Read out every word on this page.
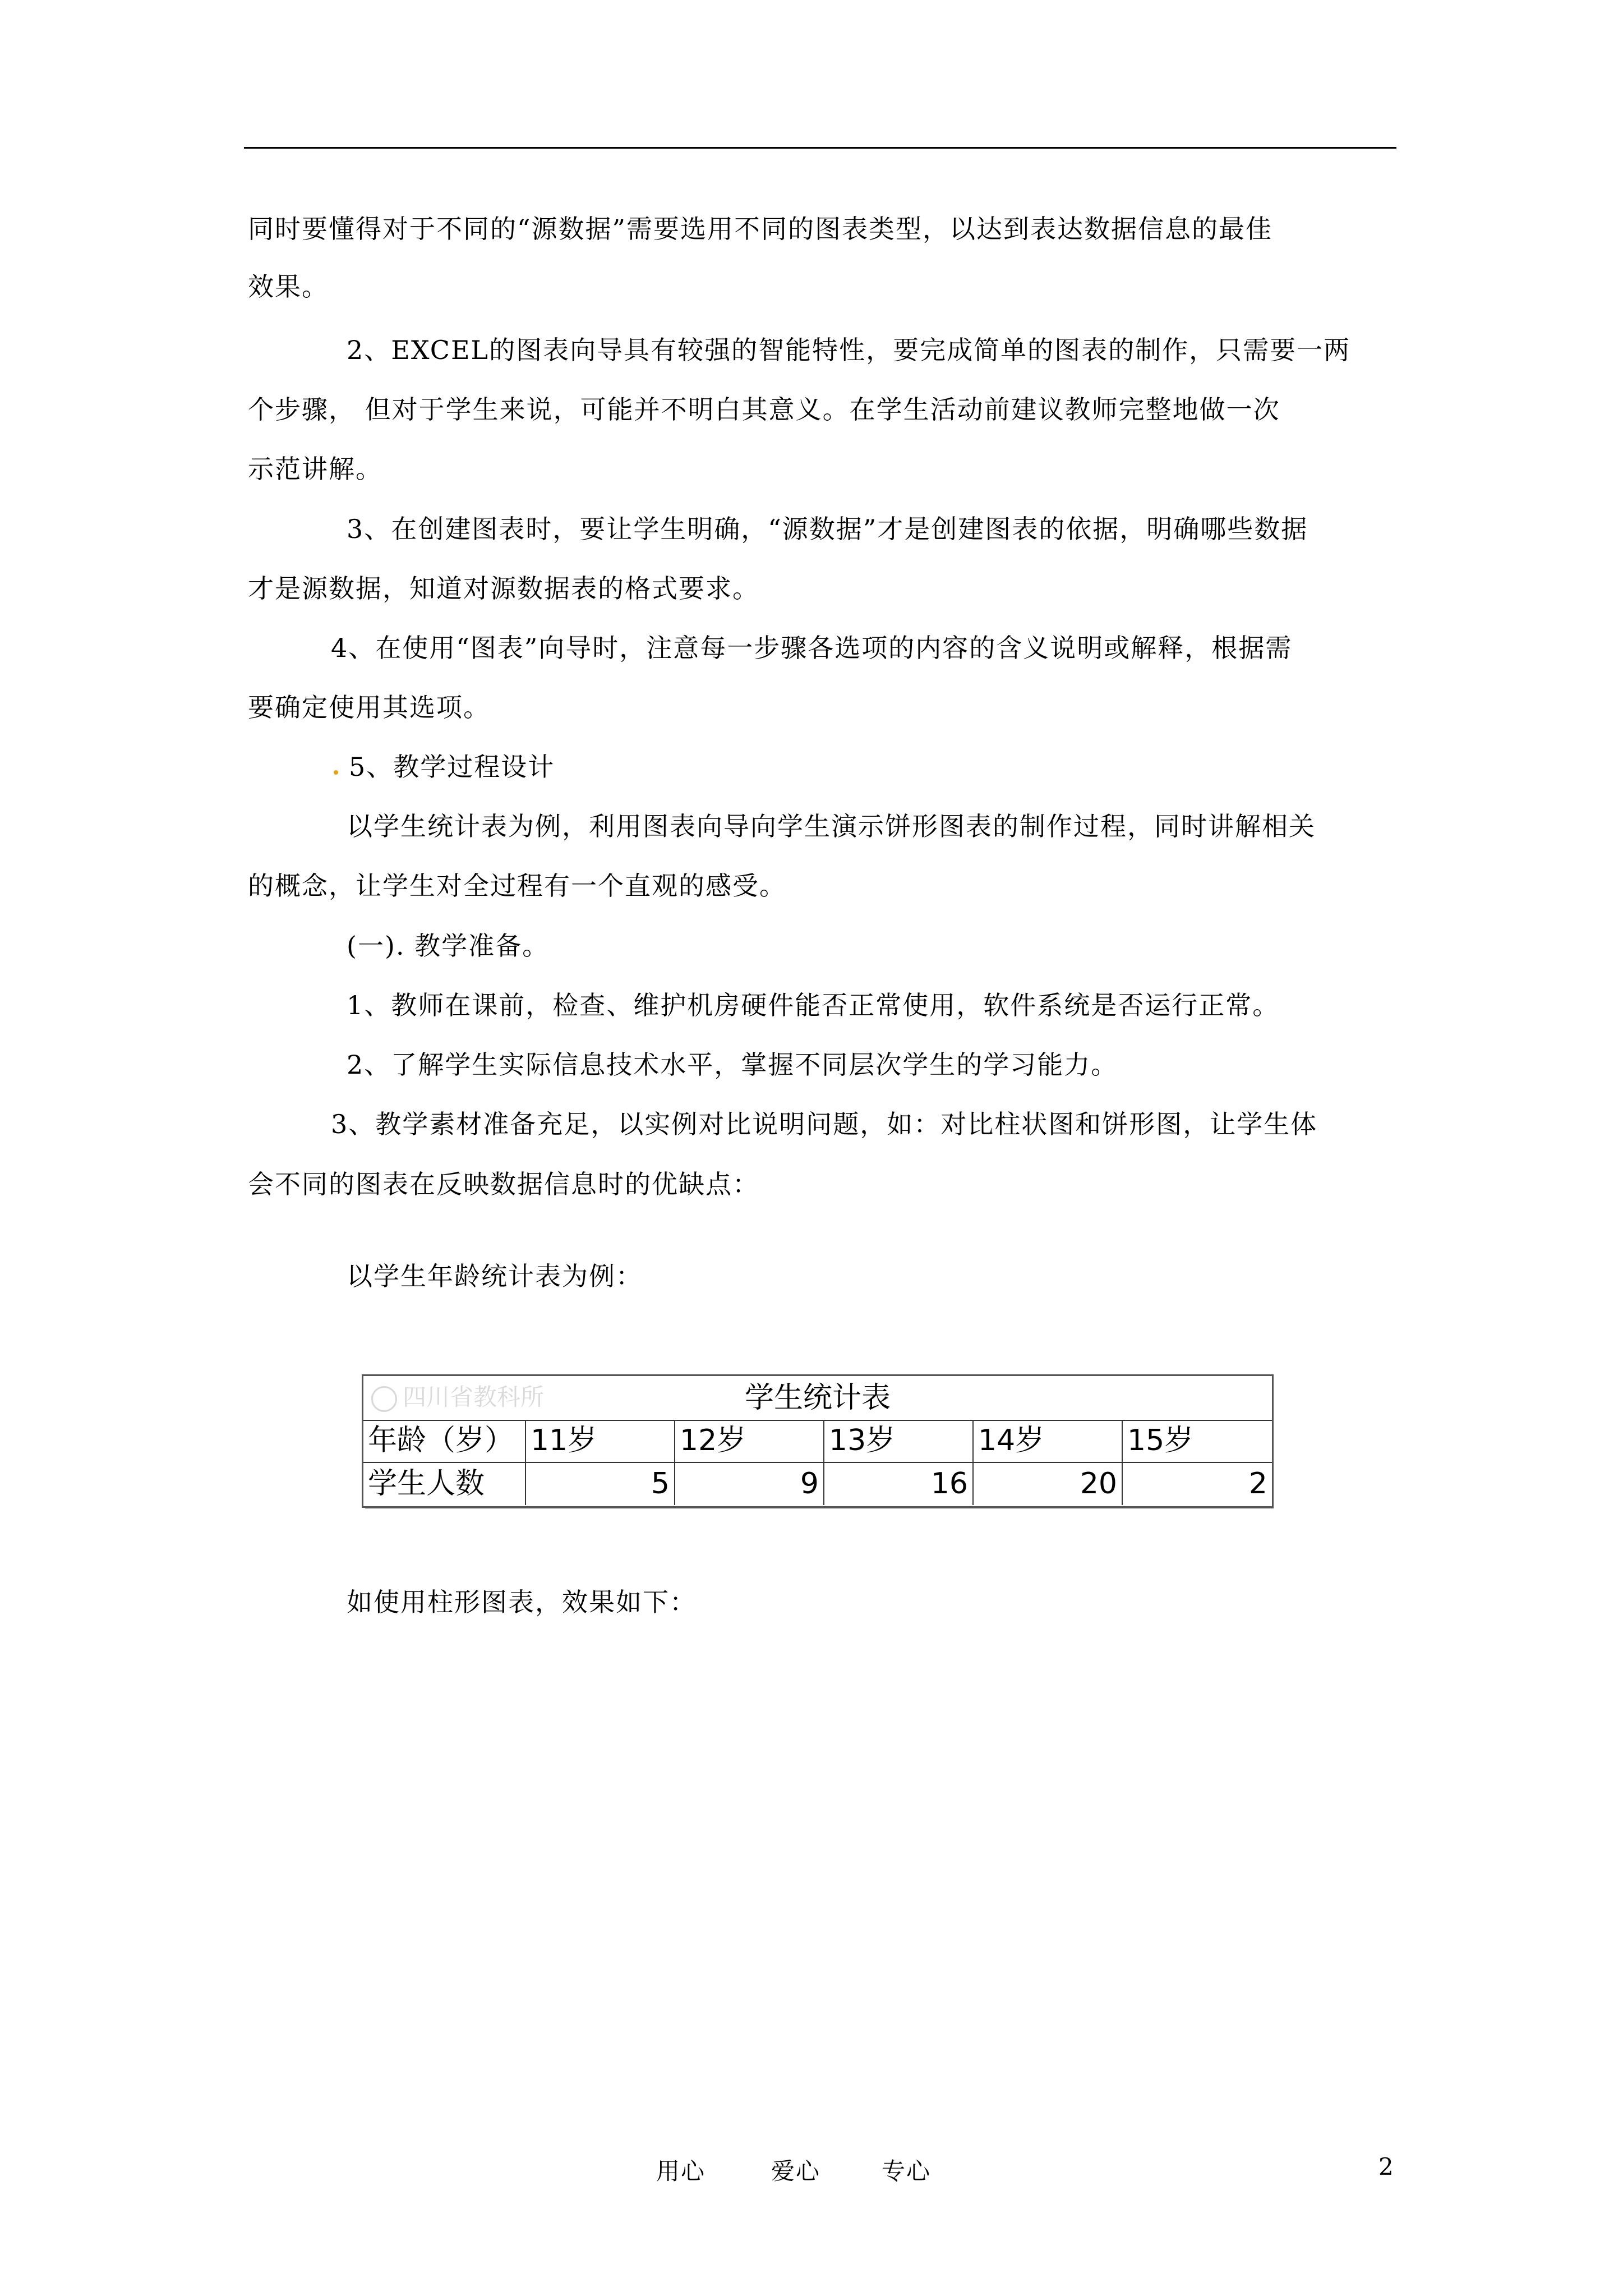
同时要懂得对于不同的“源数据”需要选用不同的图表类型，以达到表达数据信息的最佳
效果。
2、EXCEL的图表向导具有较强的智能特性，要完成简单的图表的制作，只需要一两
个步骤， 但对于学生来说，可能并不明白其意义。在学生活动前建议教师完整地做一次
示范讲解。
3、在创建图表时，要让学生明确，“源数据”才是创建图表的依据，明确哪些数据
才是源数据，知道对源数据表的格式要求。
4、在使用“图表”向导时，注意每一步骤各选项的内容的含义说明或解释，根据需
要确定使用其选项。
5、教学过程设计
以学生统计表为例，利用图表向导向学生演示饼形图表的制作过程，同时讲解相关
的概念，让学生对全过程有一个直观的感受。
(一). 教学准备。
1、教师在课前，检查、维护机房硬件能否正常使用，软件系统是否运行正常。
2、了解学生实际信息技术水平，掌握不同层次学生的学习能力。
3、教学素材准备充足，以实例对比说明问题，如：对比柱状图和饼形图，让学生体
会不同的图表在反映数据信息时的优缺点：
以学生年龄统计表为例：
如使用柱形图表，效果如下：
学生统计表
四川省教科所
年龄（岁） 11岁	12岁	13岁	14岁	15岁
学生人数	5	9	16	20	2
用心	爱心	专心	2
